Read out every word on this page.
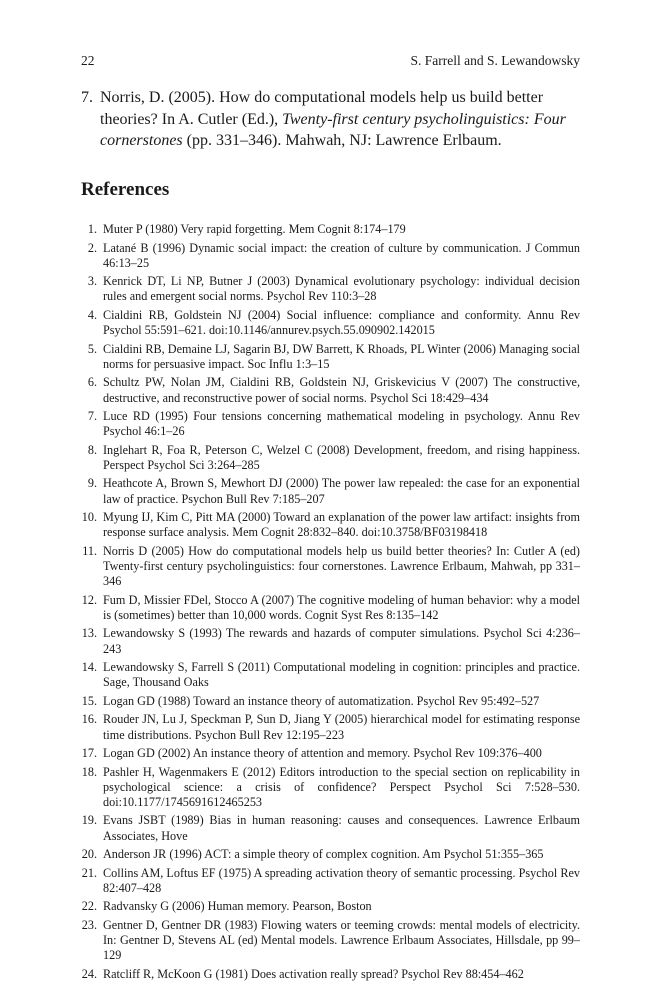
22	S. Farrell and S. Lewandowsky
7. Norris, D. (2005). How do computational models help us build better theories? In A. Cutler (Ed.), Twenty-first century psycholinguistics: Four cornerstones (pp. 331–346). Mahwah, NJ: Lawrence Erlbaum.
References
1. Muter P (1980) Very rapid forgetting. Mem Cognit 8:174–179
2. Latané B (1996) Dynamic social impact: the creation of culture by communication. J Commun 46:13–25
3. Kenrick DT, Li NP, Butner J (2003) Dynamical evolutionary psychology: individual decision rules and emergent social norms. Psychol Rev 110:3–28
4. Cialdini RB, Goldstein NJ (2004) Social influence: compliance and conformity. Annu Rev Psychol 55:591–621. doi:10.1146/annurev.psych.55.090902.142015
5. Cialdini RB, Demaine LJ, Sagarin BJ, DW Barrett, K Rhoads, PL Winter (2006) Managing social norms for persuasive impact. Soc Influ 1:3–15
6. Schultz PW, Nolan JM, Cialdini RB, Goldstein NJ, Griskevicius V (2007) The constructive, destructive, and reconstructive power of social norms. Psychol Sci 18:429–434
7. Luce RD (1995) Four tensions concerning mathematical modeling in psychology. Annu Rev Psychol 46:1–26
8. Inglehart R, Foa R, Peterson C, Welzel C (2008) Development, freedom, and rising happiness. Perspect Psychol Sci 3:264–285
9. Heathcote A, Brown S, Mewhort DJ (2000) The power law repealed: the case for an exponential law of practice. Psychon Bull Rev 7:185–207
10. Myung IJ, Kim C, Pitt MA (2000) Toward an explanation of the power law artifact: insights from response surface analysis. Mem Cognit 28:832–840. doi:10.3758/BF03198418
11. Norris D (2005) How do computational models help us build better theories? In: Cutler A (ed) Twenty-first century psycholinguistics: four cornerstones. Lawrence Erlbaum, Mahwah, pp 331–346
12. Fum D, Missier FDel, Stocco A (2007) The cognitive modeling of human behavior: why a model is (sometimes) better than 10,000 words. Cognit Syst Res 8:135–142
13. Lewandowsky S (1993) The rewards and hazards of computer simulations. Psychol Sci 4:236–243
14. Lewandowsky S, Farrell S (2011) Computational modeling in cognition: principles and practice. Sage, Thousand Oaks
15. Logan GD (1988) Toward an instance theory of automatization. Psychol Rev 95:492–527
16. Rouder JN, Lu J, Speckman P, Sun D, Jiang Y (2005) hierarchical model for estimating response time distributions. Psychon Bull Rev 12:195–223
17. Logan GD (2002) An instance theory of attention and memory. Psychol Rev 109:376–400
18. Pashler H, Wagenmakers E (2012) Editors introduction to the special section on replicability in psychological science: a crisis of confidence? Perspect Psychol Sci 7:528–530. doi:10.1177/1745691612465253
19. Evans JSBT (1989) Bias in human reasoning: causes and consequences. Lawrence Erlbaum Associates, Hove
20. Anderson JR (1996) ACT: a simple theory of complex cognition. Am Psychol 51:355–365
21. Collins AM, Loftus EF (1975) A spreading activation theory of semantic processing. Psychol Rev 82:407–428
22. Radvansky G (2006) Human memory. Pearson, Boston
23. Gentner D, Gentner DR (1983) Flowing waters or teeming crowds: mental models of electricity. In: Gentner D, Stevens AL (ed) Mental models. Lawrence Erlbaum Associates, Hillsdale, pp 99–129
24. Ratcliff R, McKoon G (1981) Does activation really spread? Psychol Rev 88:454–462
